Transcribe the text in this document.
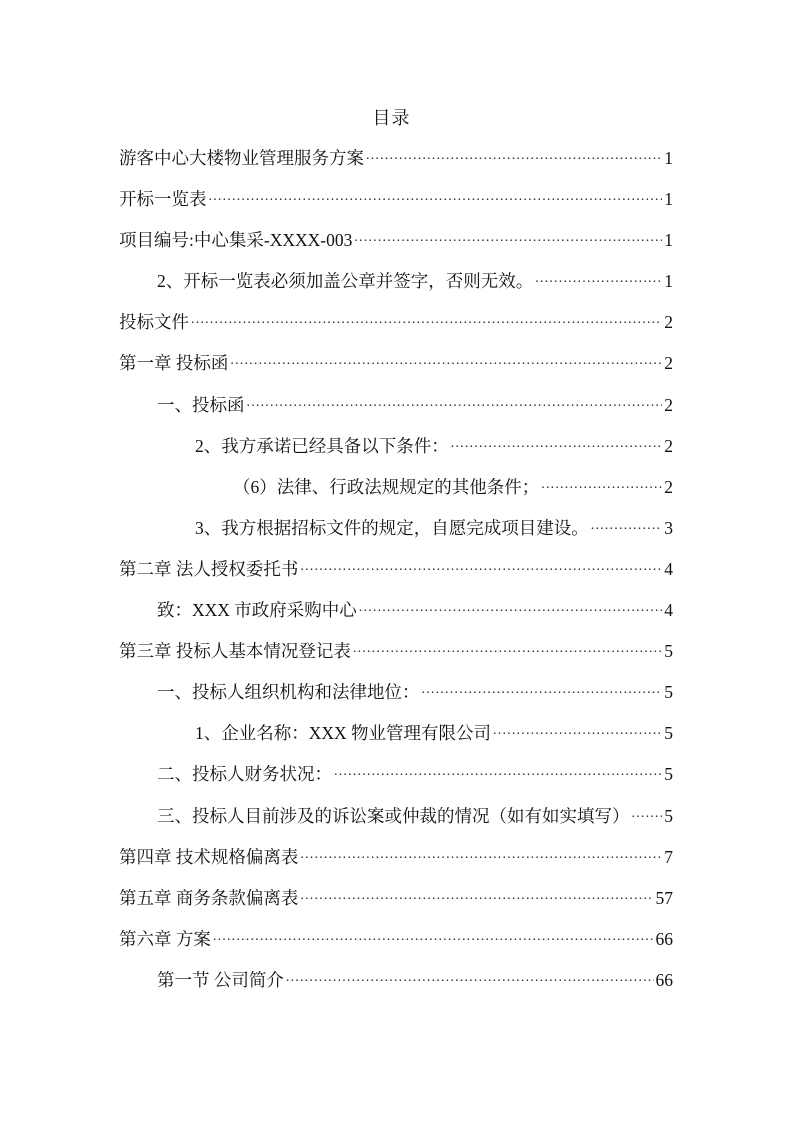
目录
游客中心大楼物业管理服务方案 .....	1
开标一览表 .....	1
项目编号:中心集采-XXXX-003 .....	1
2、开标一览表必须加盖公章并签字，否则无效。 .....	1
投标文件 .....	2
第一章 投标函 .....	2
一、投标函 .....	2
2、我方承诺已经具备以下条件： .....	2
（6）法律、行政法规规定的其他条件； .....	2
3、我方根据招标文件的规定，自愿完成项目建设。 .....	3
第二章 法人授权委托书 .....	4
致：XXX 市政府采购中心 .....	4
第三章 投标人基本情况登记表 .....	5
一、投标人组织机构和法律地位： .....	5
1、企业名称：XXX 物业管理有限公司 .....	5
二、投标人财务状况： .....	5
三、投标人目前涉及的诉讼案或仲裁的情况（如有如实填写） ..... 5
第四章 技术规格偏离表 .....	7
第五章 商务条款偏离表 .....	57
第六章 方案 .....	66
第一节 公司简介 .....	66
